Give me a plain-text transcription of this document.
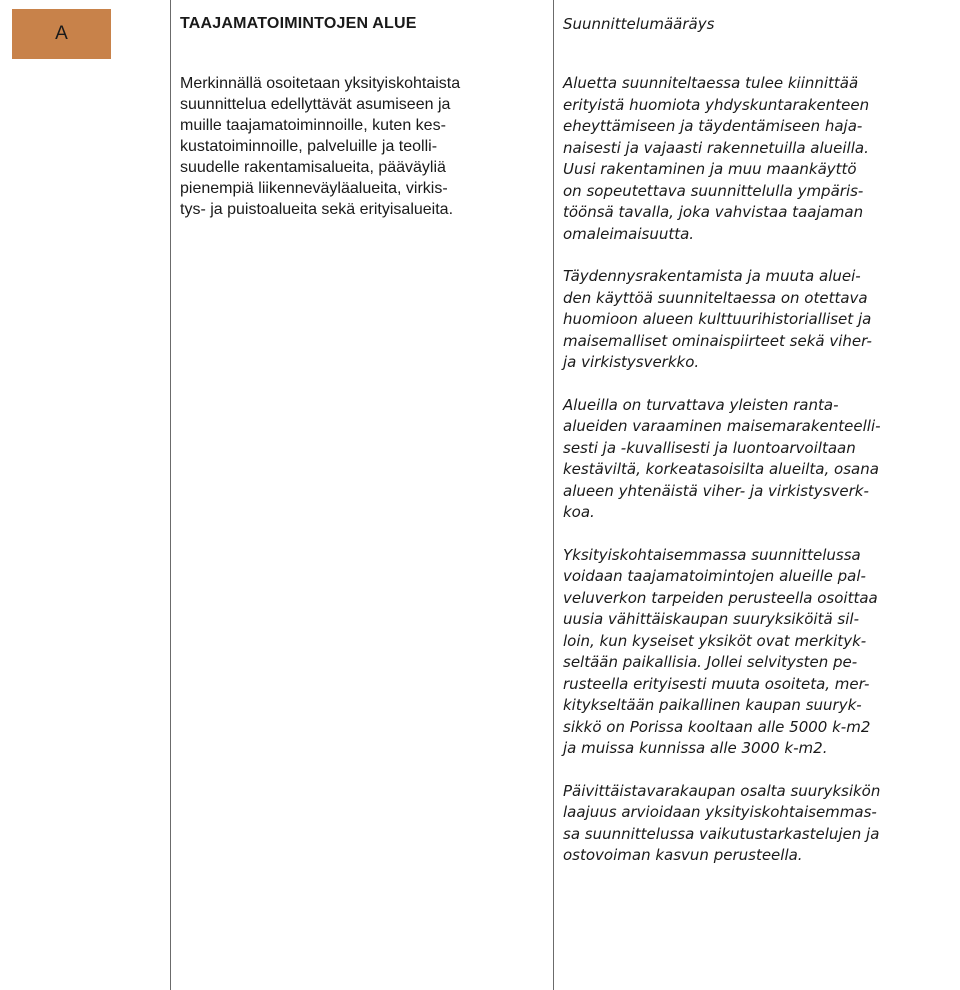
A	TAAJAMATOIMINTOJEN ALUE

Merkinnällä osoitetaan yksityiskohtaista
suunnittelua edellyttävät asumiseen ja
muille taajamatoiminnoille, kuten kes-
kustatoiminnoille, palveluille ja teolli-
suudelle rakentamisalueita, pääväyliä
pienempiä liikenneväyläalueita, virkis-
tys- ja puistoalueita sekä erityisalueita.

Suunnittelumääräys

Aluetta suunniteltaessa tulee kiinnittää
erityistä huomiota yhdyskuntarakenteen
eheyttämiseen ja täydentämiseen haja-
naisesti ja vajaasti rakennetuilla alueilla.
Uusi rakentaminen ja muu maankäyttö
on sopeutettava suunnittelulla ympäris-
töönsä tavalla, joka vahvistaa taajaman
omaleimaisuutta.

Täydennysrakentamista ja muuta aluei-
den käyttöä suunniteltaessa on otettava
huomioon alueen kulttuurihistorialliset ja
maisemalliset ominaispiirteet sekä viher-
ja virkistysverkko.

Alueilla on turvattava yleisten ranta-
alueiden varaaminen maisemarakenteelli-
sesti ja -kuvallisesti ja luontoarvoiltaan
kestäviltä, korkeatasoisilta alueilta, osana
alueen yhtenäistä viher- ja virkistysverk-
koa.

Yksityiskohtaisemmassa suunnittelussa
voidaan taajamatoimintojen alueille pal-
veluverkon tarpeiden perusteella osoittaa
uusia vähittäiskaupan suuryksiköitä sil-
loin, kun kyseiset yksiköt ovat merkityk-
seltään paikallisia. Jollei selvitysten pe-
rusteella erityisesti muuta osoiteta, mer-
kitykseltään paikallinen kaupan suuryk-
sikkö on Porissa kooltaan alle 5000 k-m2
ja muissa kunnissa alle 3000 k-m2.

Päivittäistavarakaupan osalta suuryksikön
laajuus arvioidaan yksityiskohtaisemmas-
sa suunnittelussa vaikutustarkastelujen ja
ostovoiman kasvun perusteella.
